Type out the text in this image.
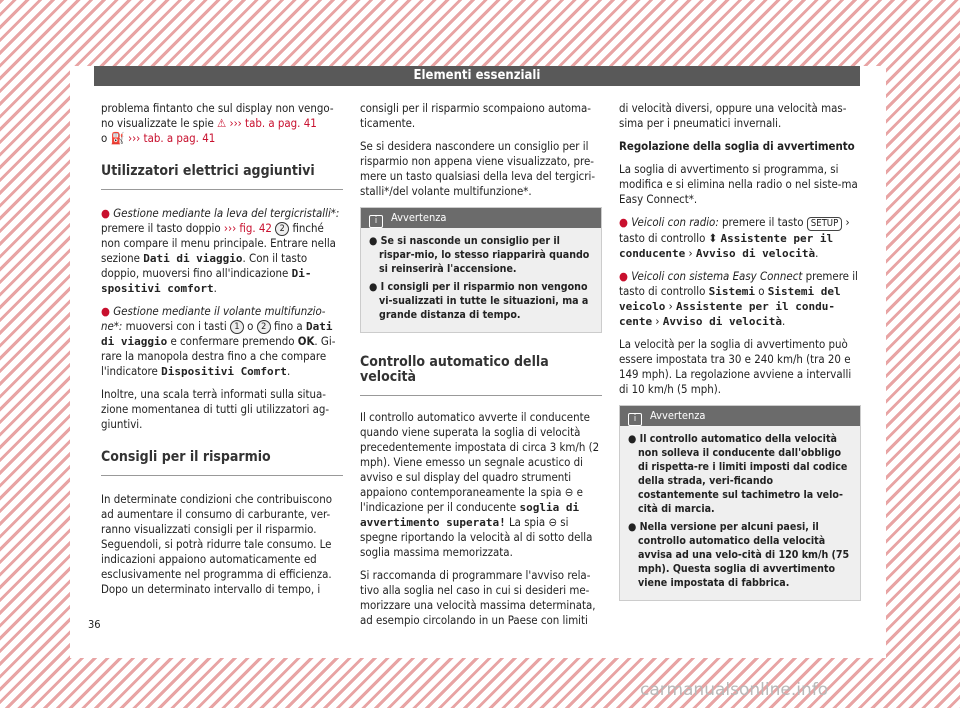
Elementi essenziali

problema fintanto che sul display non vengo-no visualizzate le spie ⚠ ››› tab. a pag. 41
o ⛽ ››› tab. a pag. 41

Utilizzatori elettrici aggiuntivi

● Gestione mediante la leva del tergicristalli*: premere il tasto doppio ››› fig. 42 2 finché non compare il menu principale. Entrare nella sezione Dati di viaggio. Con il tasto doppio, muoversi fino all'indicazione Di-spositivi comfort.

● Gestione mediante il volante multifunzio-ne*: muoversi con i tasti 1 o 2 fino a Dati di viaggio e confermare premendo OK. Gi-rare la manopola destra fino a che compare l'indicatore Dispositivi Comfort.

Inoltre, una scala terrà informati sulla situa-zione momentanea di tutti gli utilizzatori ag-giuntivi.

Consigli per il risparmio

In determinate condizioni che contribuiscono ad aumentare il consumo di carburante, ver-ranno visualizzati consigli per il risparmio. Seguendoli, si potrà ridurre tale consumo. Le indicazioni appaiono automaticamente ed esclusivamente nel programma di efficienza. Dopo un determinato intervallo di tempo, i

consigli per il risparmio scompaiono automa-ticamente.

Se si desidera nascondere un consiglio per il risparmio non appena viene visualizzato, pre-mere un tasto qualsiasi della leva del tergicri-stalli*/del volante multifunzione*.

i Avvertenza
● Se si nasconde un consiglio per il rispar-mio, lo stesso riapparirà quando si reinserirà l'accensione.
● I consigli per il risparmio non vengono vi-sualizzati in tutte le situazioni, ma a grande distanza di tempo.
Controllo automatico della velocità

Il controllo automatico avverte il conducente quando viene superata la soglia di velocità precedentemente impostata di circa 3 km/h (2 mph). Viene emesso un segnale acustico di avviso e sul display del quadro strumenti appaiono contemporaneamente la spia ⊖ e l'indicazione per il conducente soglia di avvertimento superata! La spia ⊖ si spegne riportando la velocità al di sotto della soglia massima memorizzata.

Si raccomanda di programmare l'avviso rela-tivo alla soglia nel caso in cui si desideri me-morizzare una velocità massima determinata, ad esempio circolando in un Paese con limiti

di velocità diversi, oppure una velocità mas-sima per i pneumatici invernali.

Regolazione della soglia di avvertimento

La soglia di avvertimento si programma, si modifica e si elimina nella radio o nel siste-ma Easy Connect*.

● Veicoli con radio: premere il tasto SETUP › tasto di controllo ⬍ Assistente per il conducente › Avviso di velocità.

● Veicoli con sistema Easy Connect premere il tasto di controllo Sistemi o Sistemi del veicolo › Assistente per il condu-cente › Avviso di velocità.

La velocità per la soglia di avvertimento può essere impostata tra 30 e 240 km/h (tra 20 e 149 mph). La regolazione avviene a intervalli di 10 km/h (5 mph).

i Avvertenza
● Il controllo automatico della velocità non solleva il conducente dall'obbligo di rispetta-re i limiti imposti dal codice della strada, veri-ficando costantemente sul tachimetro la velo-cità di marcia.
● Nella versione per alcuni paesi, il controllo automatico della velocità avvisa ad una velo-cità di 120 km/h (75 mph). Questa soglia di avvertimento viene impostata di fabbrica.
36
carmanualsonline.info
